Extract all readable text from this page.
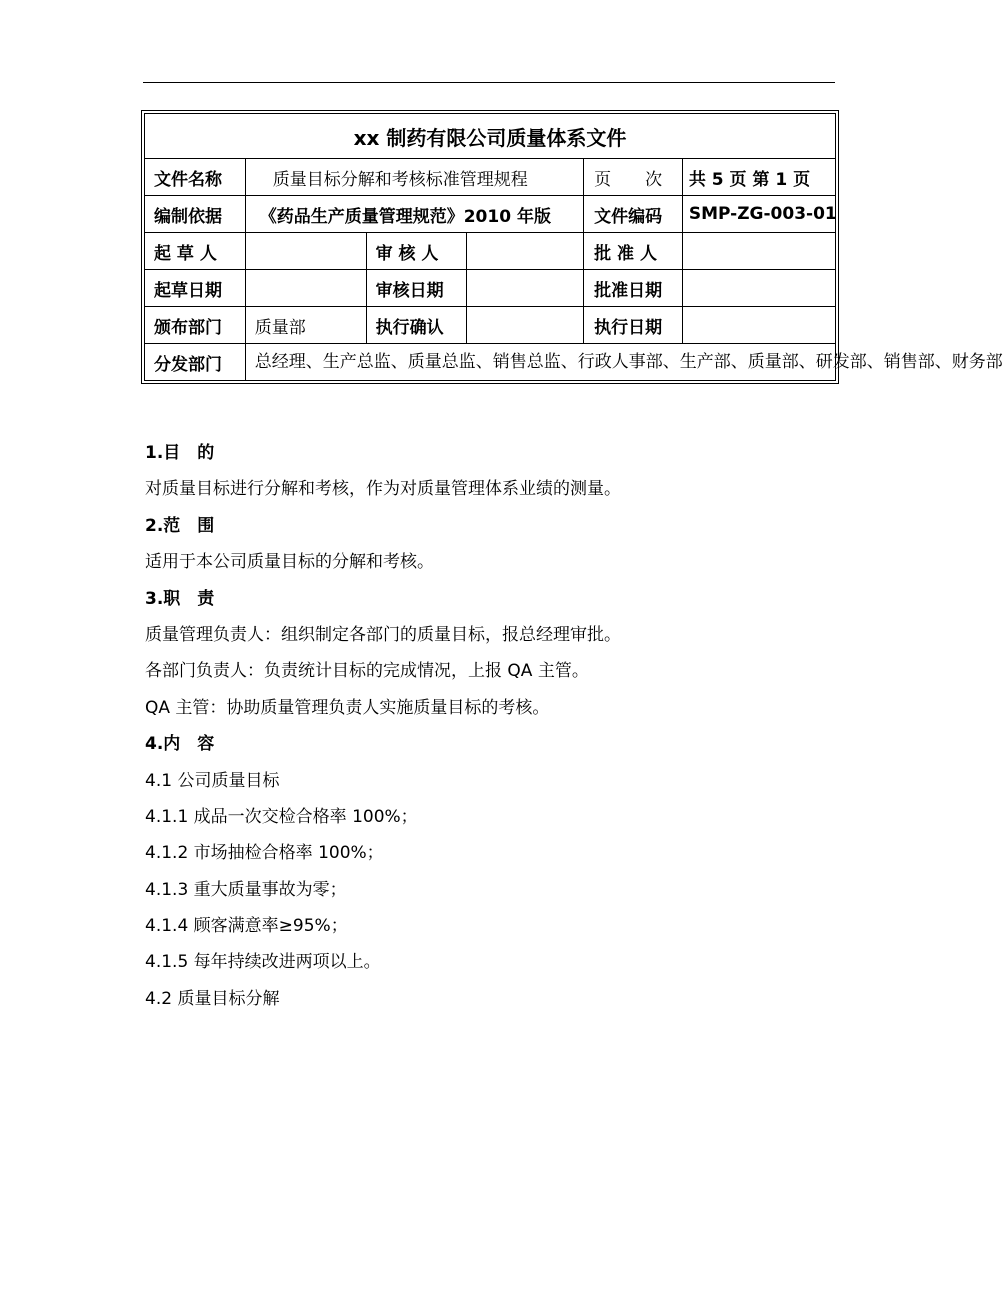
xx 制药有限公司质量体系文件					
文件名称	质量目标分解和考核标准管理规程			页　　次	共 5 页 第 1 页
编制依据	《药品生产质量管理规范》2010 年版			文件编码	SMP-ZG-003-01
起 草 人		审 核 人		批 准 人	
起草日期		审核日期		批准日期	
颁布部门	质量部	执行确认		执行日期	
分发部门	总经理、生产总监、质量总监、销售总监、行政人事部、生产部、质量部、研发部、销售部、财务部				
1.目　的
对质量目标进行分解和考核，作为对质量管理体系业绩的测量。
2.范　围
适用于本公司质量目标的分解和考核。
3.职　责
质量管理负责人：组织制定各部门的质量目标，报总经理审批。
各部门负责人：负责统计目标的完成情况，上报 QA 主管。
QA 主管：协助质量管理负责人实施质量目标的考核。
4.内　容
4.1 公司质量目标
4.1.1 成品一次交检合格率 100%；
4.1.2 市场抽检合格率 100%；
4.1.3 重大质量事故为零；
4.1.4 顾客满意率≥95%；
4.1.5 每年持续改进两项以上。
4.2 质量目标分解
